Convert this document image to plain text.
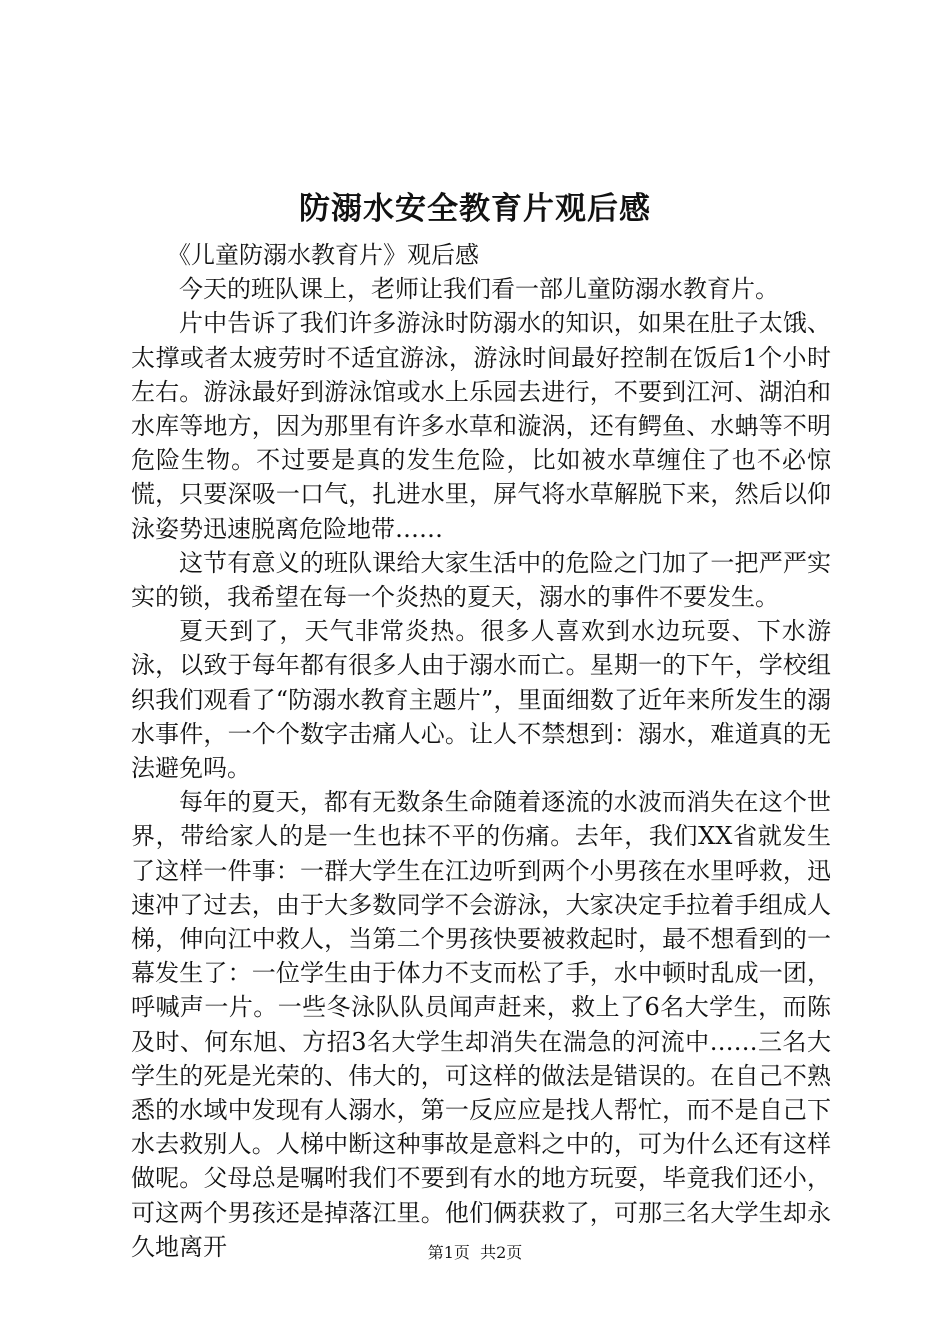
防溺水安全教育片观后感

《儿童防溺水教育片》观后感

今天的班队课上，老师让我们看一部儿童防溺水教育片。

片中告诉了我们许多游泳时防溺水的知识，如果在肚子太饿、太撑或者太疲劳时不适宜游泳，游泳时间最好控制在饭后1个小时左右。游泳最好到游泳馆或水上乐园去进行，不要到江河、湖泊和水库等地方，因为那里有许多水草和漩涡，还有鳄鱼、水蚺等不明危险生物。不过要是真的发生危险，比如被水草缠住了也不必惊慌，只要深吸一口气，扎进水里，屏气将水草解脱下来，然后以仰泳姿势迅速脱离危险地带……

这节有意义的班队课给大家生活中的危险之门加了一把严严实实的锁，我希望在每一个炎热的夏天，溺水的事件不要发生。

夏天到了，天气非常炎热。很多人喜欢到水边玩耍、下水游泳，以致于每年都有很多人由于溺水而亡。星期一的下午，学校组织我们观看了“防溺水教育主题片”，里面细数了近年来所发生的溺水事件，一个个数字击痛人心。让人不禁想到：溺水，难道真的无法避免吗。

每年的夏天，都有无数条生命随着逐流的水波而消失在这个世界，带给家人的是一生也抹不平的伤痛。去年，我们XX省就发生了这样一件事：一群大学生在江边听到两个小男孩在水里呼救，迅速冲了过去，由于大多数同学不会游泳，大家决定手拉着手组成人梯，伸向江中救人，当第二个男孩快要被救起时，最不想看到的一幕发生了：一位学生由于体力不支而松了手，水中顿时乱成一团，呼喊声一片。一些冬泳队队员闻声赶来，救上了6名大学生，而陈及时、何东旭、方招3名大学生却消失在湍急的河流中……三名大学生的死是光荣的、伟大的，可这样的做法是错误的。在自己不熟悉的水域中发现有人溺水，第一反应应是找人帮忙，而不是自己下水去救别人。人梯中断这种事故是意料之中的，可为什么还有这样做呢。父母总是嘱咐我们不要到有水的地方玩耍，毕竟我们还小，可这两个男孩还是掉落江里。他们俩获救了，可那三名大学生却永久地离开	第1页 共2页
